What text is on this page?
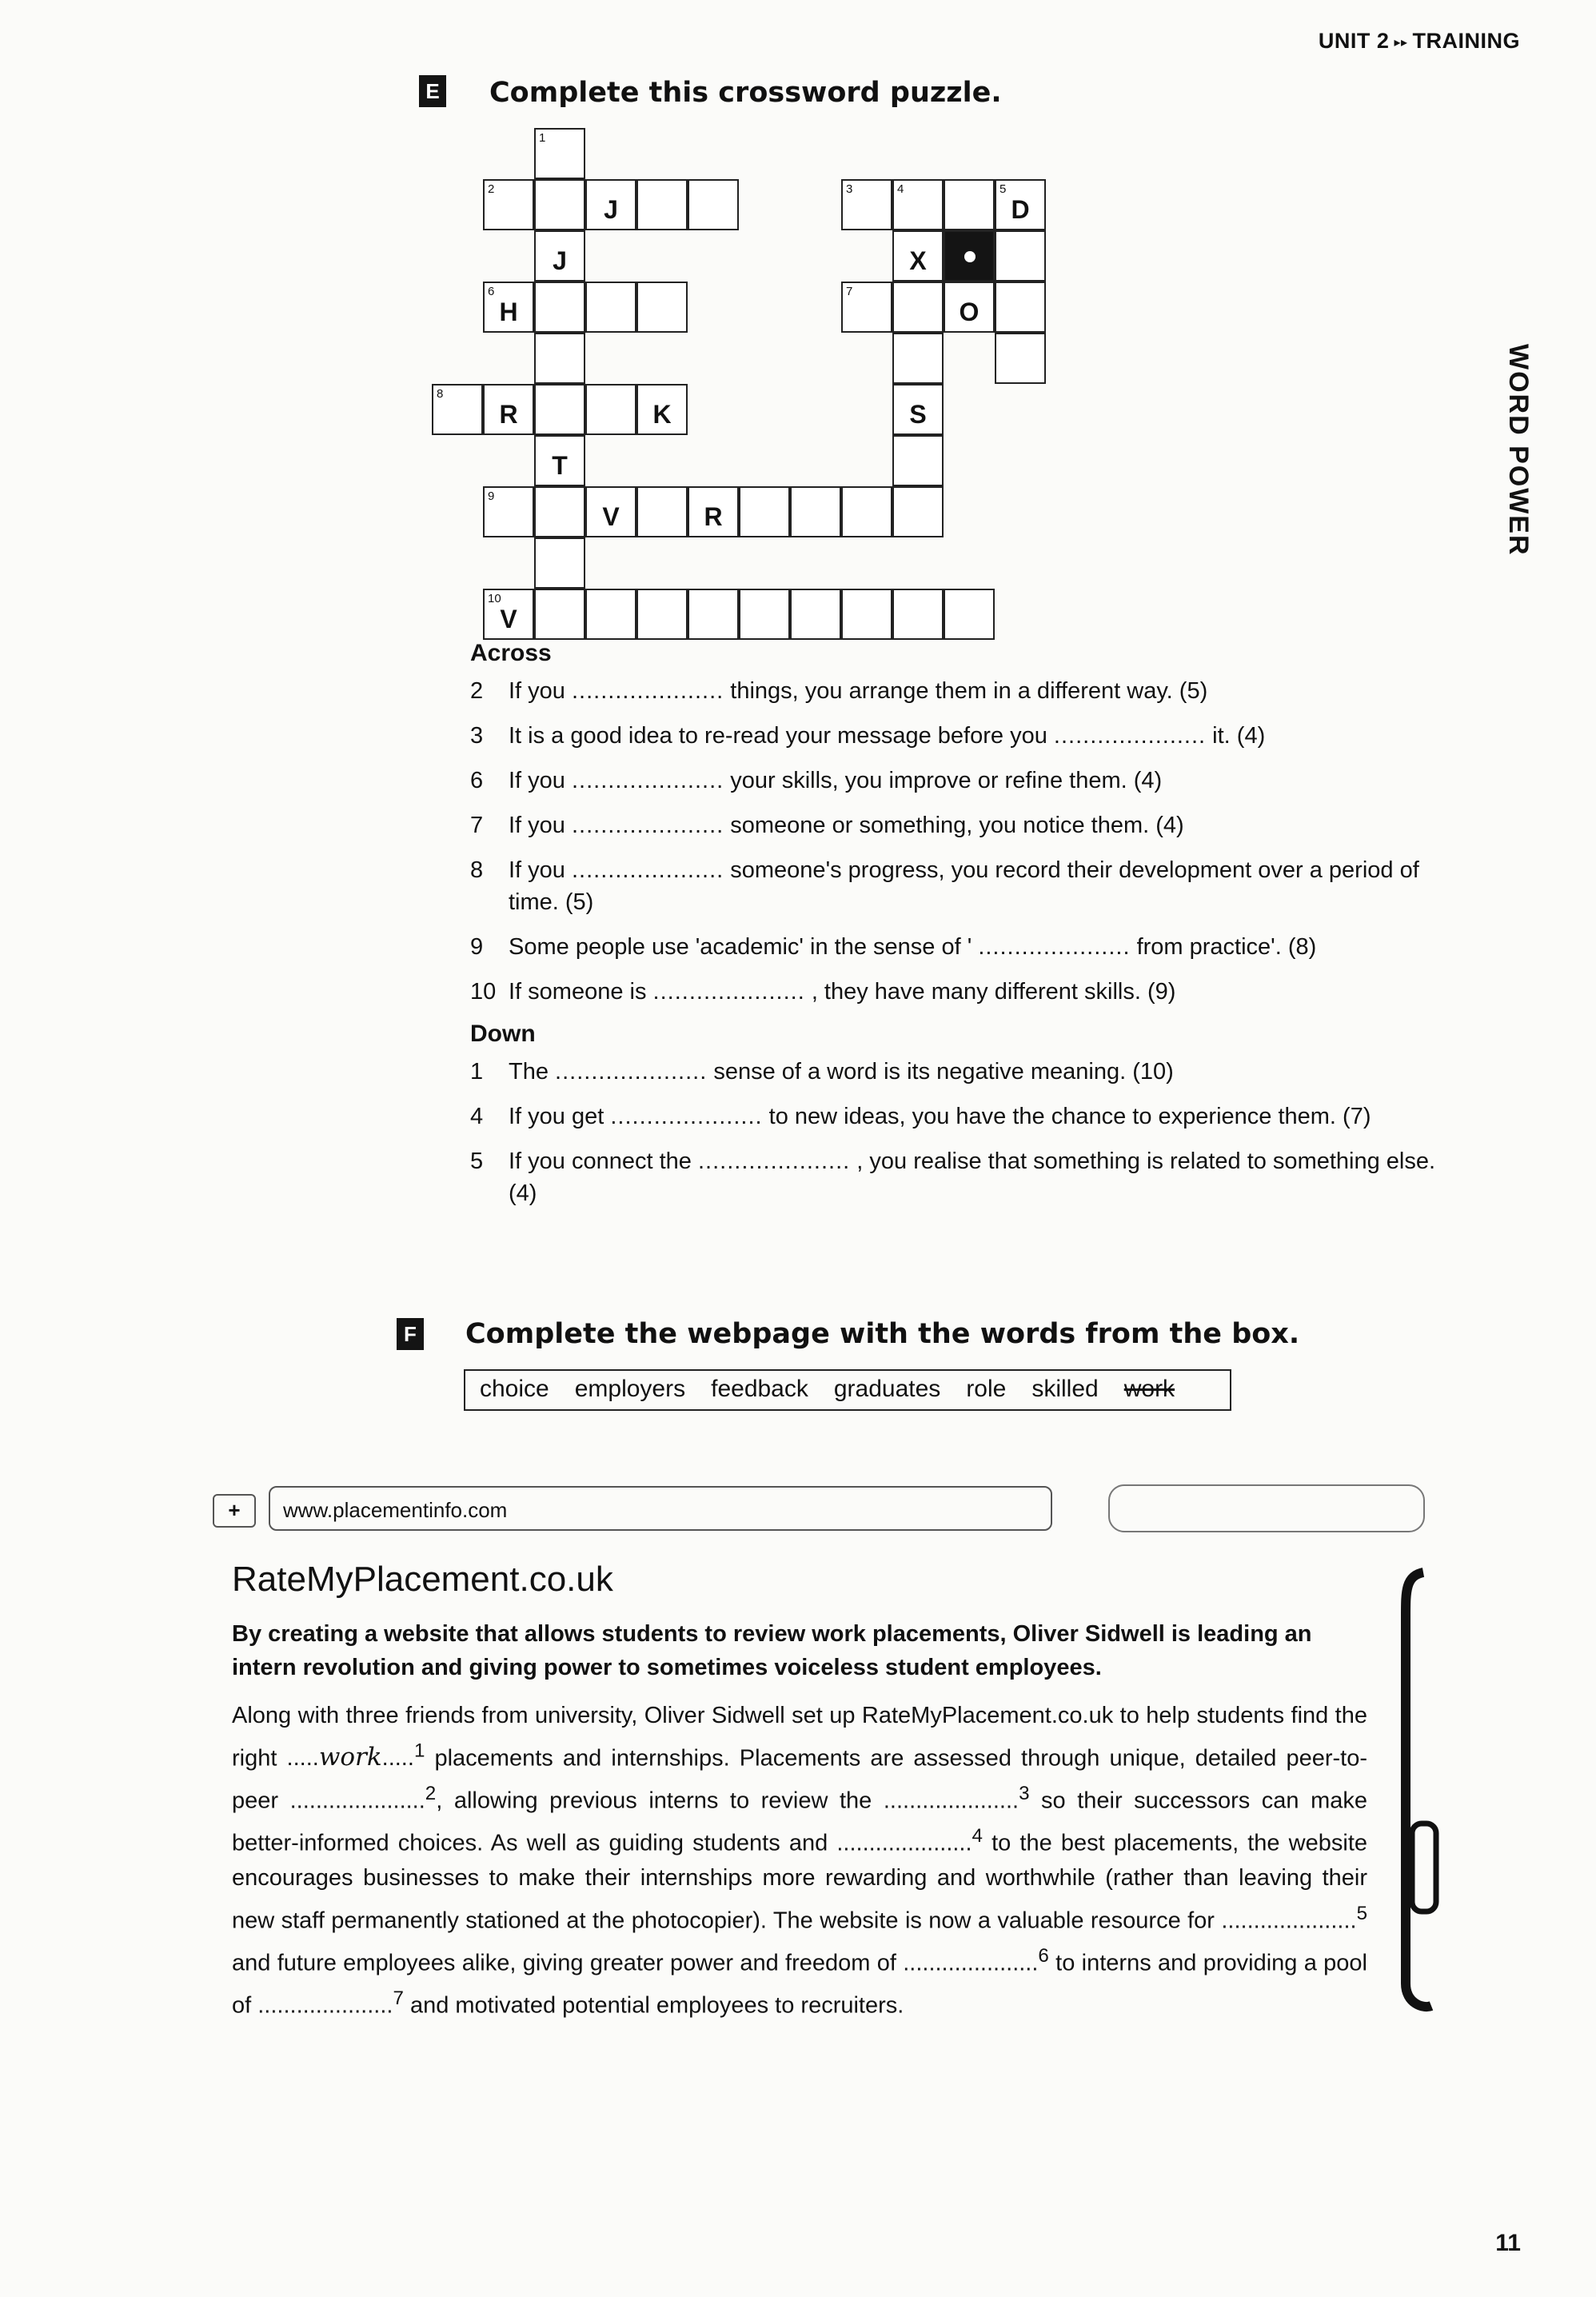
UNIT 2 ▸▸ TRAINING
WORD POWER
E Complete this crossword puzzle.
1
2
J
3	4	5
D
J	X
6
H
7
O
8
R	K	S
T
9
V	R
10
V
Across
2	If you ..................... things, you arrange them in a different way. (5)
3	It is a good idea to re-read your message before you ..................... it. (4)
6	If you ..................... your skills, you improve or refine them. (4)
7	If you ..................... someone or something, you notice them. (4)
8	If you ..................... someone's progress, you record their development over a period of time. (5)
9	Some people use 'academic' in the sense of ' ..................... from practice'. (8)
10 If someone is ..................... , they have many different skills. (9)
Down
1	The ..................... sense of a word is its negative meaning. (10)
4	If you get ..................... to new ideas, you have the chance to experience them. (7)
5	If you connect the ..................... , you realise that something is related to something else. (4)
F Complete the webpage with the words from the box.
choice employers feedback graduates role skilled work
+	www.placementinfo.com
RateMyPlacement.co.uk
By creating a website that allows students to review work placements, Oliver Sidwell is leading an intern revolution and giving power to sometimes voiceless student employees.
Along with three friends from university, Oliver Sidwell set up RateMyPlacement.co.uk to help students find the right .....work.....$^1$ placements and internships. Placements are assessed through unique, detailed peer-to-peer .....................$^2$, allowing previous interns to review the .....................$^3$ so their successors can make better-informed choices. As well as guiding students and .....................$^4$ to the best placements, the website encourages businesses to make their internships more rewarding and worthwhile (rather than leaving their new staff permanently stationed at the photocopier). The website is now a valuable resource for .....................$^5$ and future employees alike, giving greater power and freedom of .....................$^6$ to interns and providing a pool of .....................$^7$ and motivated potential employees to recruiters.
11
